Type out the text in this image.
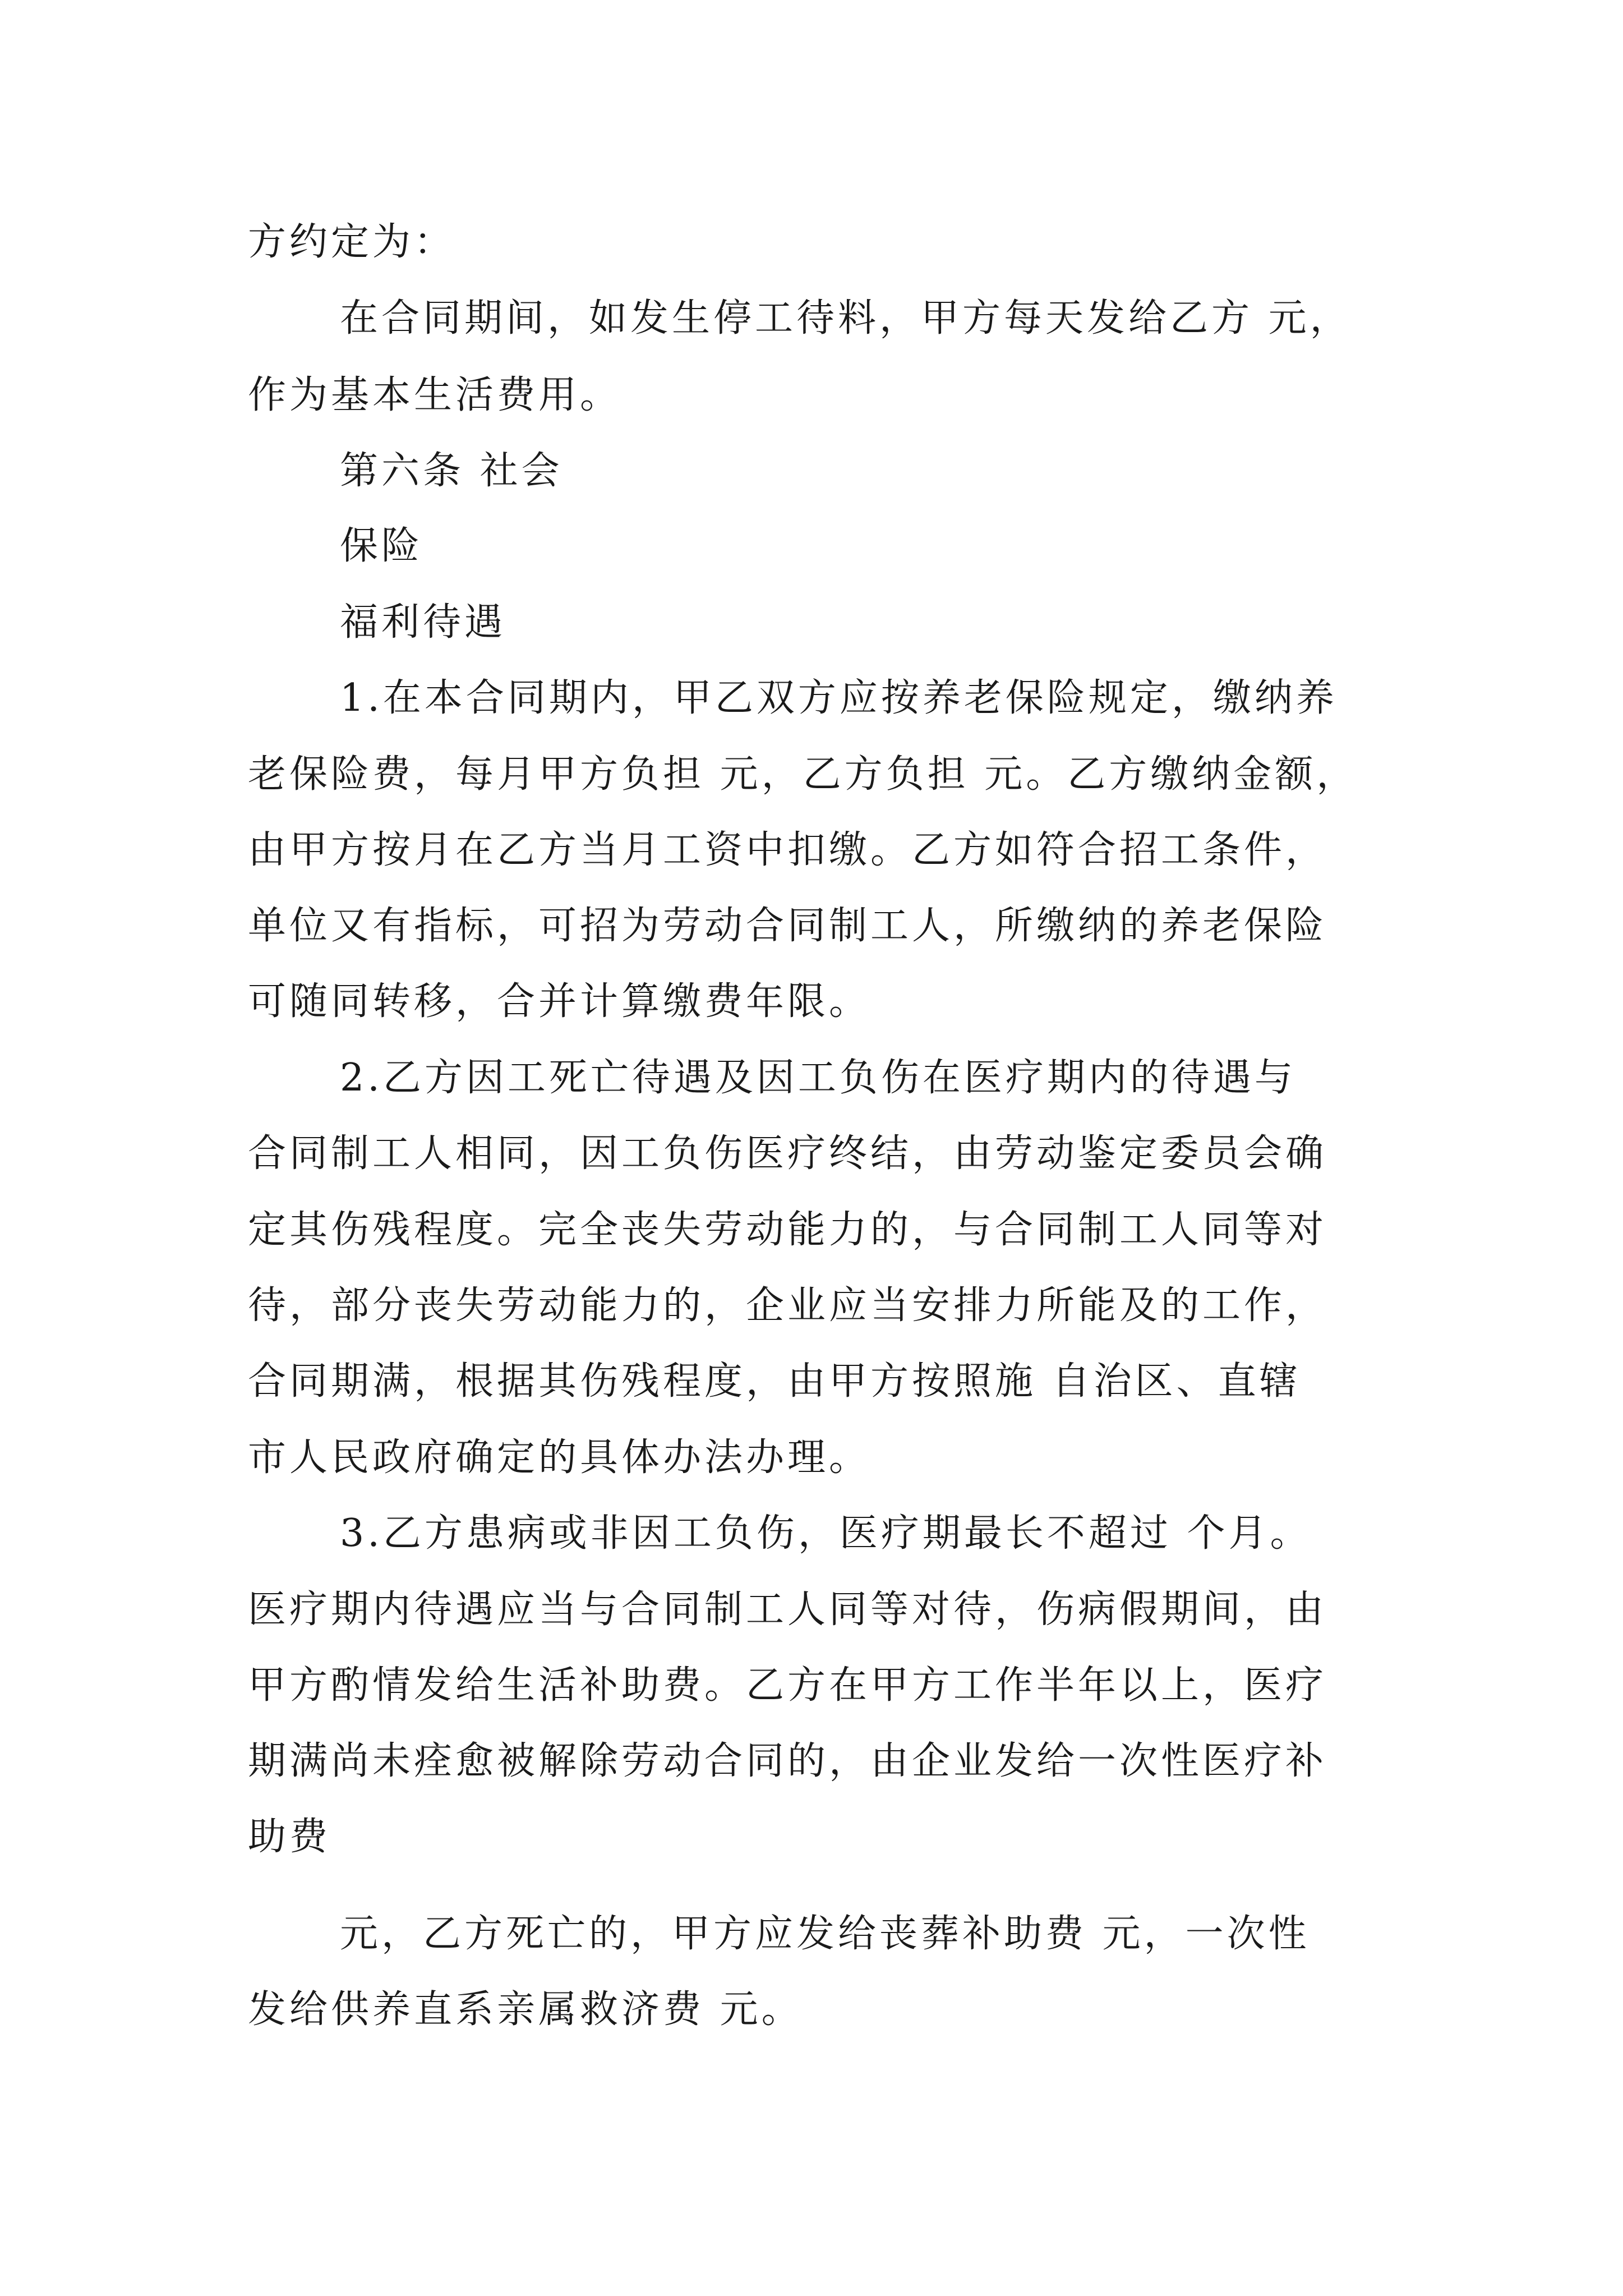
方约定为：
在合同期间，如发生停工待料，甲方每天发给乙方 元，
作为基本生活费用。
第六条 社会
保险
福利待遇
1.在本合同期内，甲乙双方应按养老保险规定，缴纳养
老保险费，每月甲方负担 元，乙方负担 元。乙方缴纳金额，
由甲方按月在乙方当月工资中扣缴。乙方如符合招工条件，
单位又有指标，可招为劳动合同制工人，所缴纳的养老保险
可随同转移，合并计算缴费年限。
2.乙方因工死亡待遇及因工负伤在医疗期内的待遇与
合同制工人相同，因工负伤医疗终结，由劳动鉴定委员会确
定其伤残程度。完全丧失劳动能力的，与合同制工人同等对
待，部分丧失劳动能力的，企业应当安排力所能及的工作，
合同期满，根据其伤残程度，由甲方按照施 自治区、直辖
市人民政府确定的具体办法办理。
3.乙方患病或非因工负伤，医疗期最长不超过 个月。
医疗期内待遇应当与合同制工人同等对待，伤病假期间，由
甲方酌情发给生活补助费。乙方在甲方工作半年以上，医疗
期满尚未痊愈被解除劳动合同的，由企业发给一次性医疗补
助费
元，乙方死亡的，甲方应发给丧葬补助费 元，一次性
发给供养直系亲属救济费 元。
